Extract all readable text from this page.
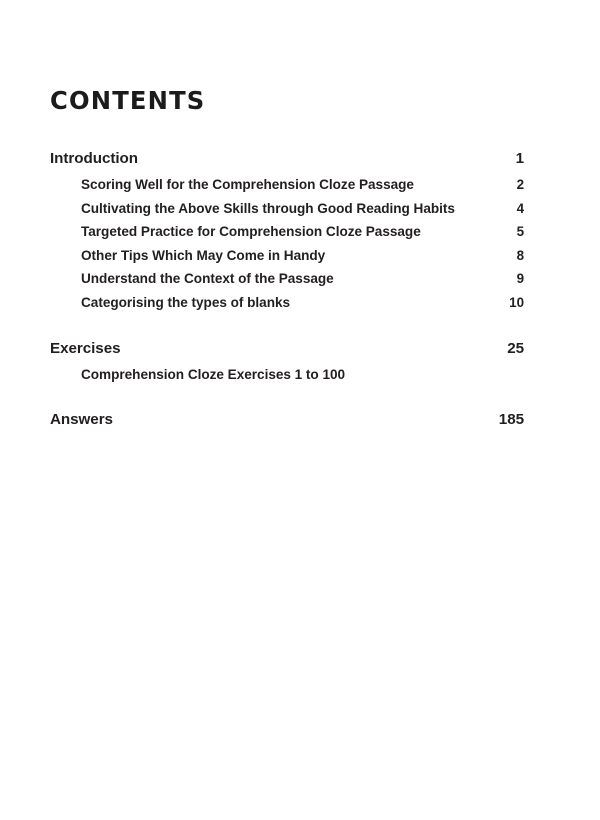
CONTENTS
Introduction	1
Scoring Well for the Comprehension Cloze Passage	2
Cultivating the Above Skills through Good Reading Habits	4
Targeted Practice for Comprehension Cloze Passage	5
Other Tips Which May Come in Handy	8
Understand the Context of the Passage	9
Categorising the types of blanks	10
Exercises	25
Comprehension Cloze Exercises 1 to 100
Answers	185
